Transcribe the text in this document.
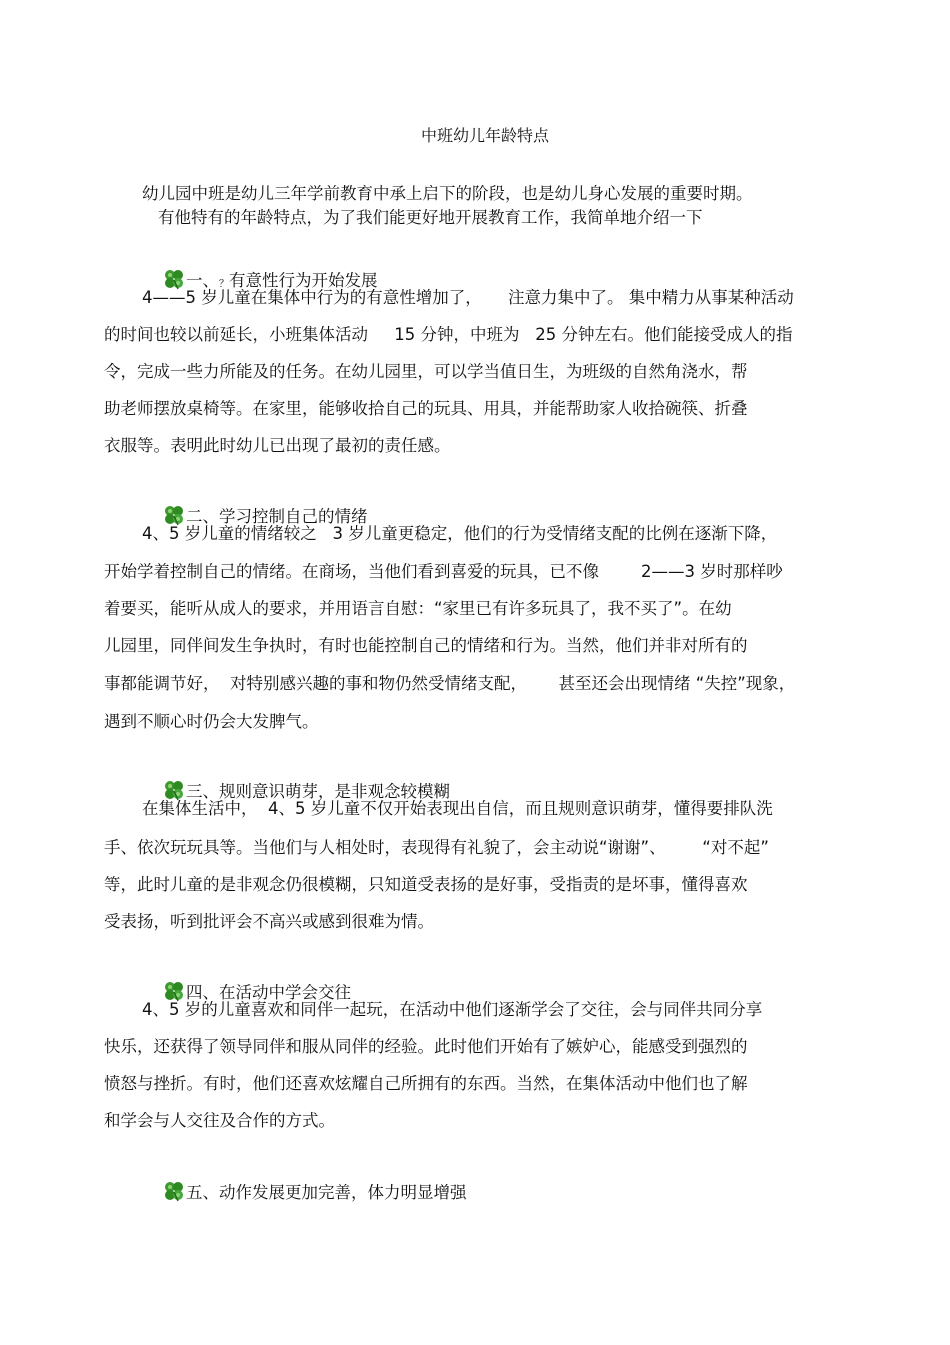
中班幼儿年龄特点
幼儿园中班是幼儿三年学前教育中承上启下的阶段，也是幼儿身心发展的重要时期。
有他特有的年龄特点，为了我们能更好地开展教育工作，我简单地介绍一下

一、？有意性行为开始发展

4——5 岁儿童在集体中行为的有意性增加了，     注意力集中了。 集中精力从事某种活动
的时间也较以前延长，小班集体活动     15 分钟，中班为   25 分钟左右。他们能接受成人的指
令，完成一些力所能及的任务。在幼儿园里，可以学当值日生，为班级的自然角浇水，帮
助老师摆放桌椅等。在家里，能够收拾自己的玩具、用具，并能帮助家人收拾碗筷、折叠
衣服等。表明此时幼儿已出现了最初的责任感。

二、学习控制自己的情绪

4、5 岁儿童的情绪较之   3 岁儿童更稳定，他们的行为受情绪支配的比例在逐渐下降，
开始学着控制自己的情绪。在商场，当他们看到喜爱的玩具，已不像        2——3 岁时那样吵
着要买，能听从成人的要求，并用语言自慰：“家里已有许多玩具了，我不买了”。在幼
儿园里，同伴间发生争执时，有时也能控制自己的情绪和行为。当然，他们并非对所有的
事都能调节好，  对特别感兴趣的事和物仍然受情绪支配，      甚至还会出现情绪 “失控”现象，
遇到不顺心时仍会大发脾气。

三、规则意识萌芽，是非观念较模糊

在集体生活中，  4、5 岁儿童不仅开始表现出自信，而且规则意识萌芽，懂得要排队洗
手、依次玩玩具等。当他们与人相处时，表现得有礼貌了，会主动说“谢谢”、       “对不起”
等，此时儿童的是非观念仍很模糊，只知道受表扬的是好事，受指责的是坏事，懂得喜欢
受表扬，听到批评会不高兴或感到很难为情。

四、在活动中学会交往

4、5 岁的儿童喜欢和同伴一起玩，在活动中他们逐渐学会了交往，会与同伴共同分享
快乐，还获得了领导同伴和服从同伴的经验。此时他们开始有了嫉妒心，能感受到强烈的
愤怒与挫折。有时，他们还喜欢炫耀自己所拥有的东西。当然，在集体活动中他们也了解
和学会与人交往及合作的方式。

五、动作发展更加完善，体力明显增强
